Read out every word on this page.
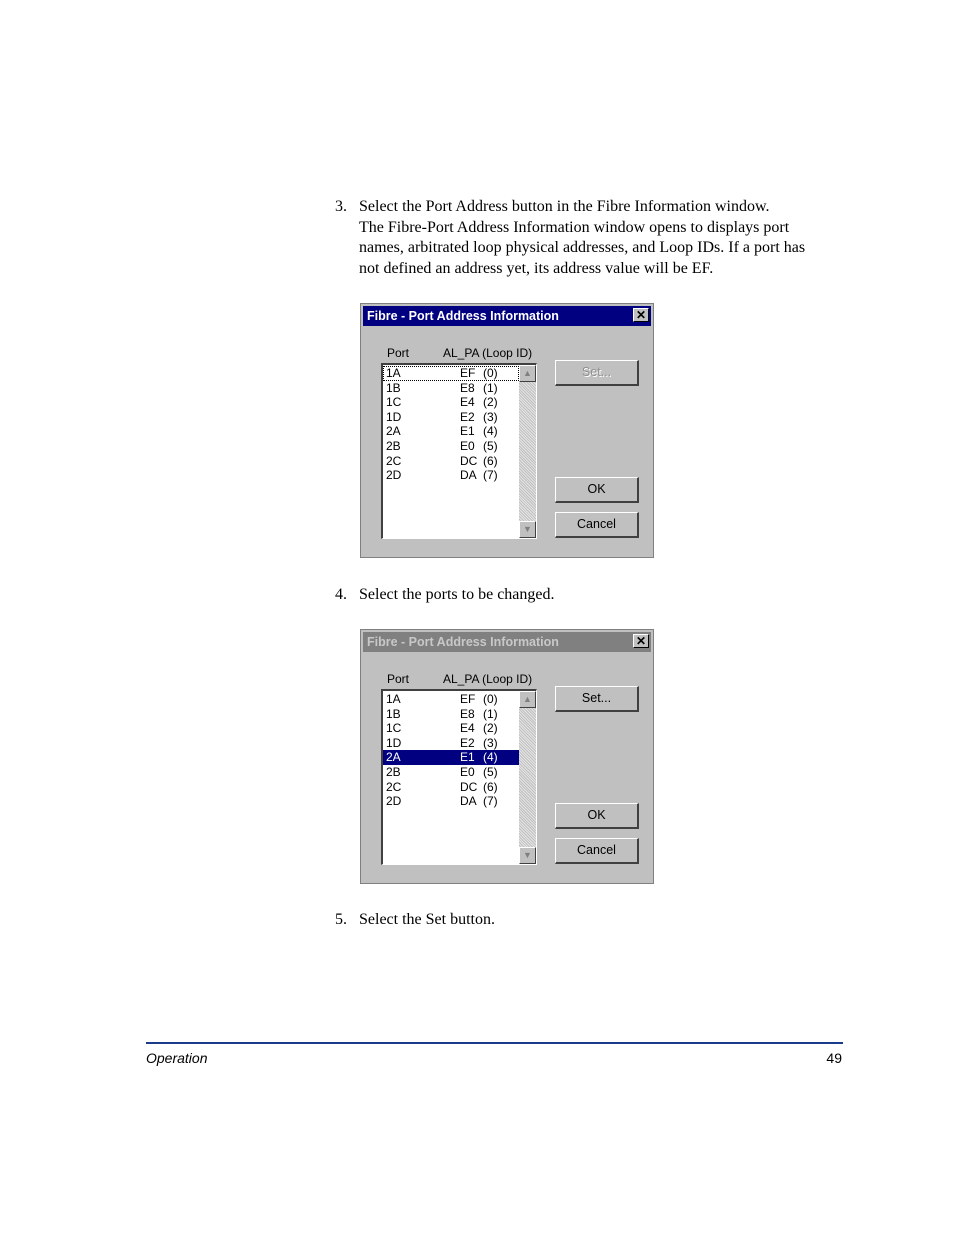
3. Select the Port Address button in the Fibre Information window.
The Fibre-Port Address Information window opens to displays port
names, arbitrated loop physical addresses, and Loop IDs. If a port has
not defined an address yet, its address value will be EF.
Fibre - Port Address Information	✕
Port	AL_PA (Loop ID)
1A	EF (0)
1B	E8 (1)
1C	E4 (2)
1D	E2 (3)
2A	E1 (4)
2B	E0 (5)
2C	DC (6)
2D	DA (7)
▲
▼
Set...
OK
Cancel
4. Select the ports to be changed.
Fibre - Port Address Information	✕
Port	AL_PA (Loop ID)
1A	EF (0)
1B	E8 (1)
1C	E4 (2)
1D	E2 (3)
2A	E1 (4)
2B	E0 (5)
2C	DC (6)
2D	DA (7)
▲
▼
Set...
OK
Cancel
5. Select the Set button.
Operation	49
